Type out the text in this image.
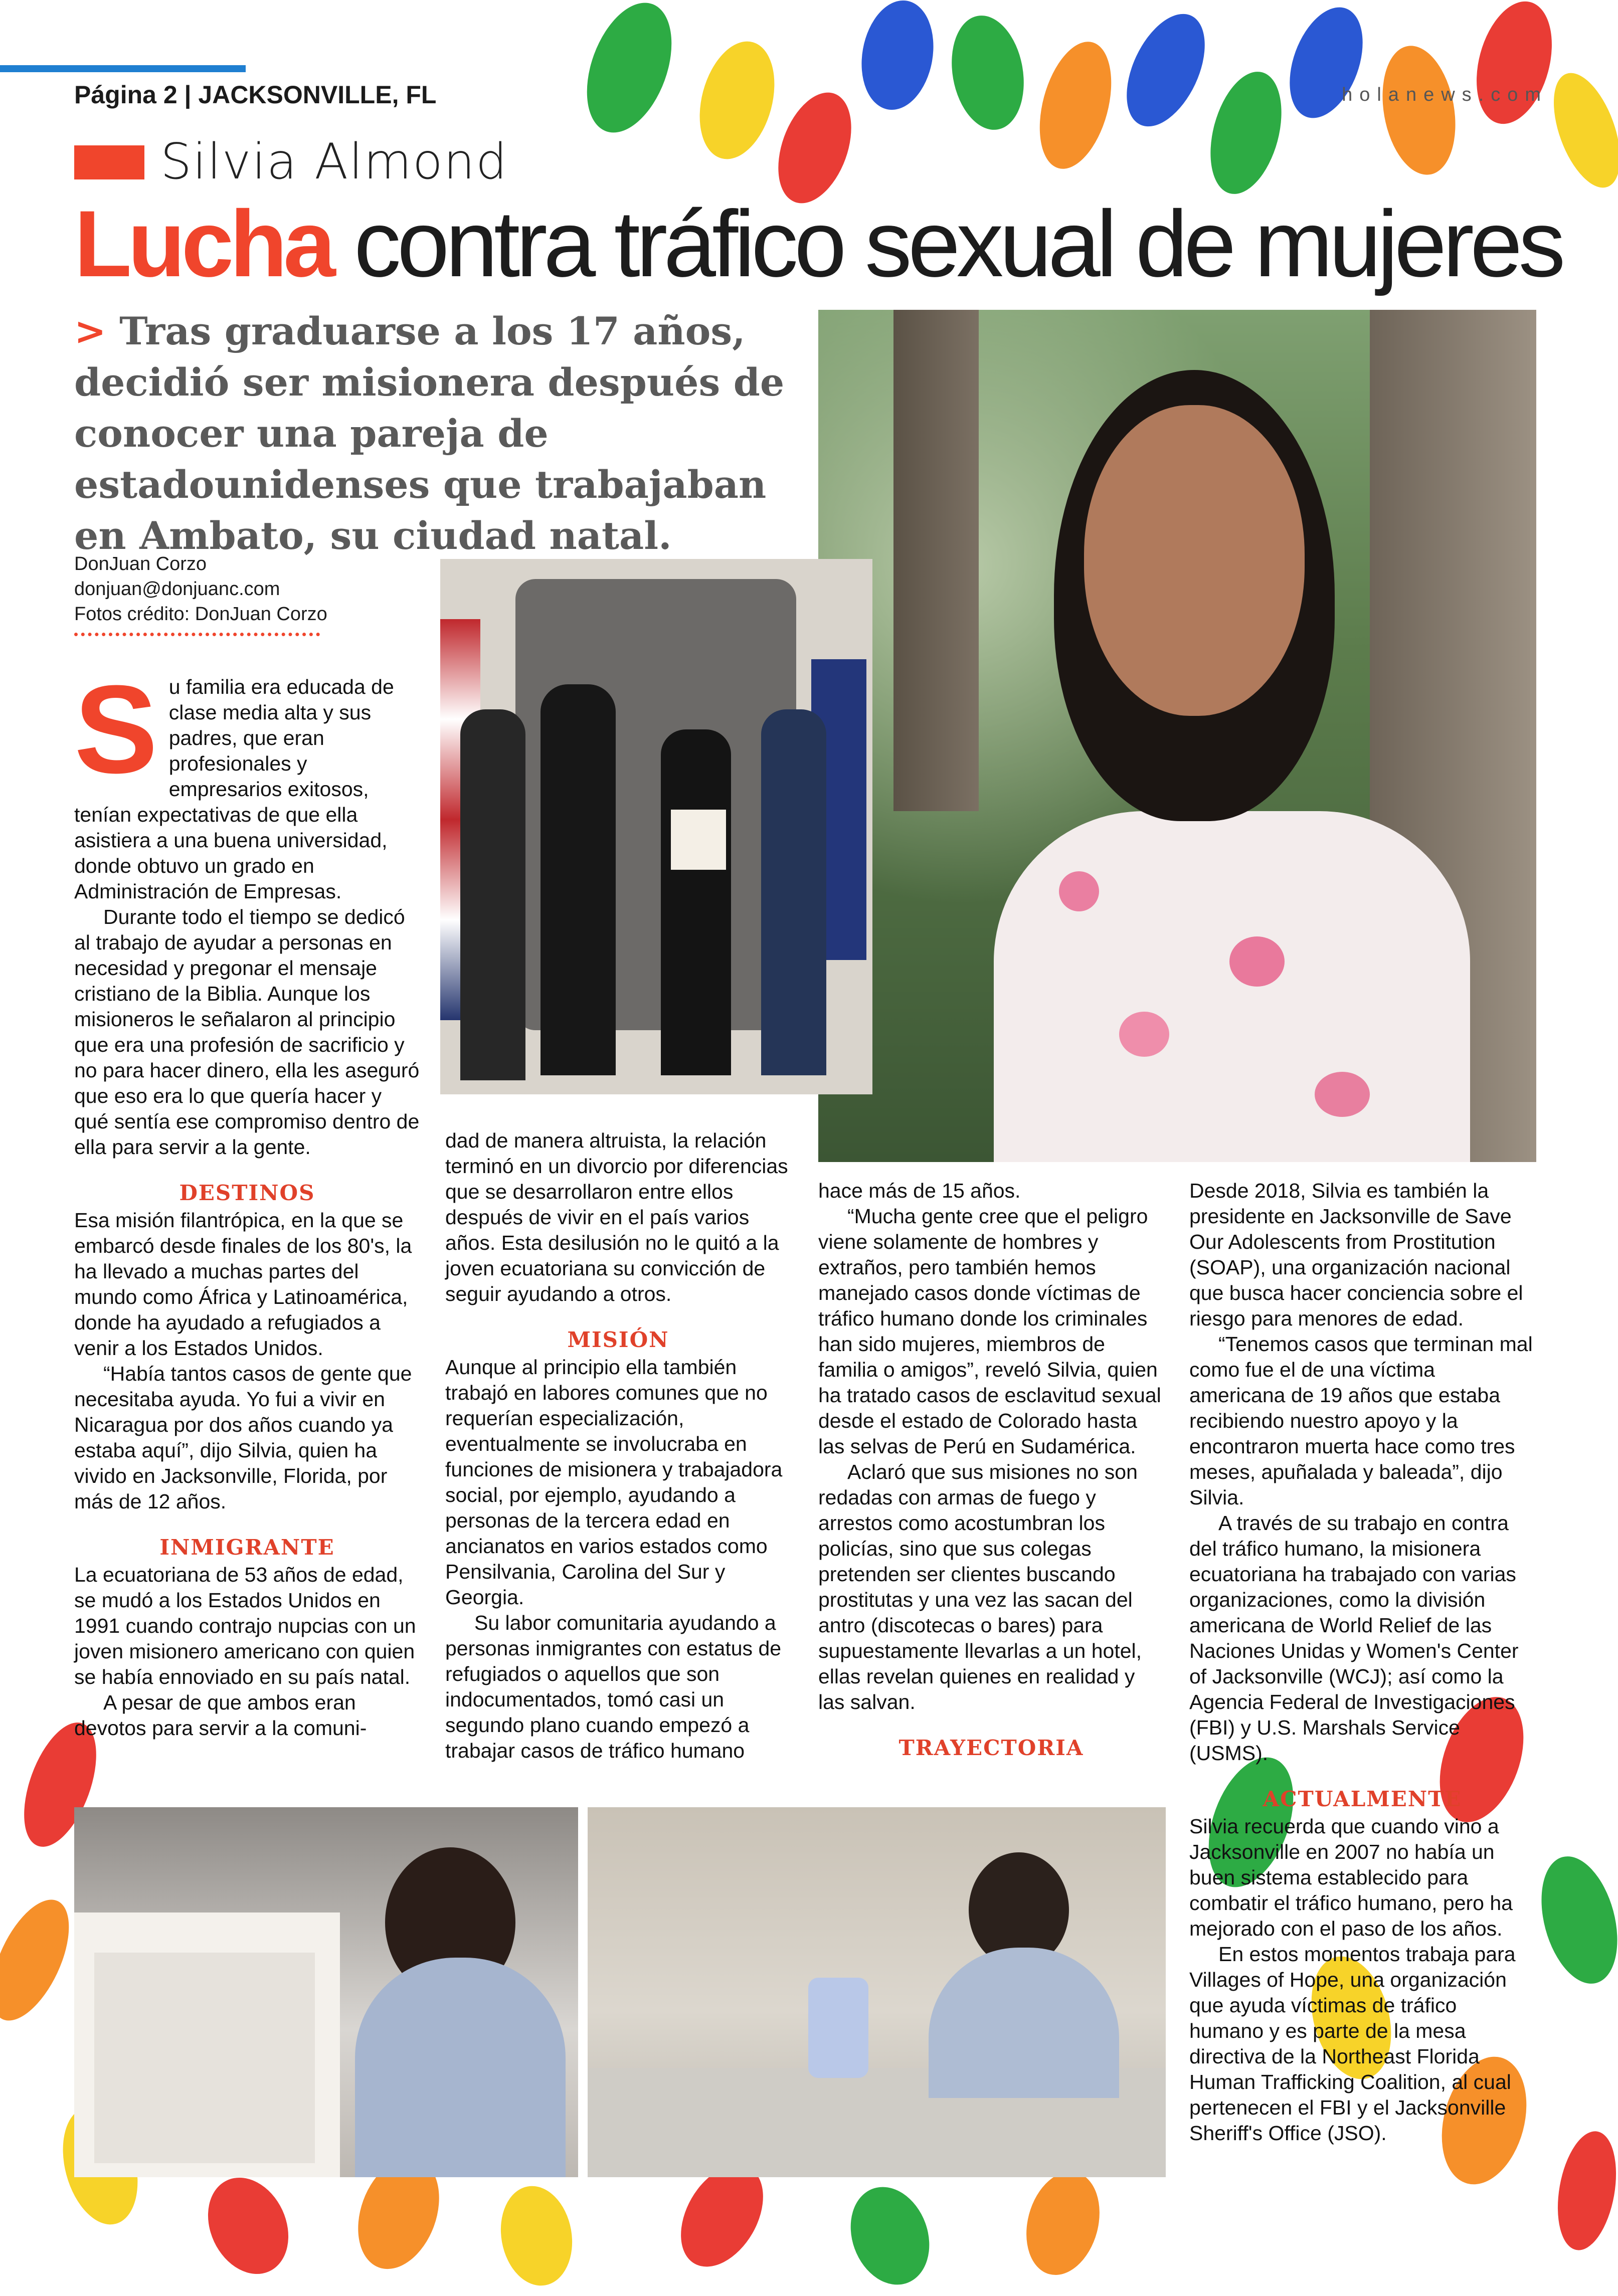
Página 2 | JACKSONVILLE, FL	holanews.com
Silvia Almond
Lucha contra tráfico sexual de mujeres
> Tras graduarse a los 17 años, decidió ser misionera después de conocer una pareja de estadounidenses que trabajaban en Ambato, su ciudad natal.
DonJuan Corzo
donjuan@donjuanc.com
Fotos crédito: DonJuan Corzo
S u familia era educada de clase media alta y sus padres, que eran profesionales y empresarios exitosos, tenían expectativas de que ella asistiera a una buena universidad, donde obtuvo un grado en Administración de Empresas.

Durante todo el tiempo se dedicó al trabajo de ayudar a personas en necesidad y pregonar el mensaje cristiano de la Biblia. Aunque los misioneros le señalaron al principio que era una profesión de sacrificio y no para hacer dinero, ella les aseguró que eso era lo que quería hacer y qué sentía ese compromiso dentro de ella para servir a la gente.

DESTINOS

Esa misión filantrópica, en la que se embarcó desde finales de los 80's, la ha llevado a muchas partes del mundo como África y Latinoamérica, donde ha ayudado a refugiados a venir a los Estados Unidos.

“Había tantos casos de gente que necesitaba ayuda. Yo fui a vivir en Nicaragua por dos años cuando ya estaba aquí”, dijo Silvia, quien ha vivido en Jacksonville, Florida, por más de 12 años.

INMIGRANTE

La ecuatoriana de 53 años de edad, se mudó a los Estados Unidos en 1991 cuando contrajo nupcias con un joven misionero americano con quien se había ennoviado en su país natal.

A pesar de que ambos eran devotos para servir a la comuni-

dad de manera altruista, la relación terminó en un divorcio por diferencias que se desarrollaron entre ellos después de vivir en el país varios años. Esta desilusión no le quitó a la joven ecuatoriana su convicción de seguir ayudando a otros.

MISIÓN

Aunque al principio ella también trabajó en labores comunes que no requerían especialización, eventualmente se involucraba en funciones de misionera y trabajadora social, por ejemplo, ayudando a personas de la tercera edad en ancianatos en varios estados como Pensilvania, Carolina del Sur y Georgia.

Su labor comunitaria ayudando a personas inmigrantes con estatus de refugiados o aquellos que son indocumentados, tomó casi un segundo plano cuando empezó a trabajar casos de tráfico humano

hace más de 15 años.

“Mucha gente cree que el peligro viene solamente de hombres y extraños, pero también hemos manejado casos donde víctimas de tráfico humano donde los criminales han sido mujeres, miembros de familia o amigos”, reveló Silvia, quien ha tratado casos de esclavitud sexual desde el estado de Colorado hasta las selvas de Perú en Sudamérica.

Aclaró que sus misiones no son redadas con armas de fuego y arrestos como acostumbran los policías, sino que sus colegas pretenden ser clientes buscando prostitutas y una vez las sacan del antro (discotecas o bares) para supuestamente llevarlas a un hotel, ellas revelan quienes en realidad y las salvan.

TRAYECTORIA

Desde 2018, Silvia es también la presidente en Jacksonville de Save Our Adolescents from Prostitution (SOAP), una organización nacional que busca hacer conciencia sobre el riesgo para menores de edad.

“Tenemos casos que terminan mal como fue el de una víctima americana de 19 años que estaba recibiendo nuestro apoyo y la encontraron muerta hace como tres meses, apuñalada y baleada”, dijo Silvia.

A través de su trabajo en contra del tráfico humano, la misionera ecuatoriana ha trabajado con varias organizaciones, como la división americana de World Relief de las Naciones Unidas y Women's Center of Jacksonville (WCJ); así como la Agencia Federal de Investigaciones (FBI) y U.S. Marshals Service (USMS).

ACTUALMENTE

Silvia recuerda que cuando vino a Jacksonville en 2007 no había un buen sistema establecido para combatir el tráfico humano, pero ha mejorado con el paso de los años.

En estos momentos trabaja para Villages of Hope, una organización que ayuda víctimas de tráfico humano y es parte de la mesa directiva de la Northeast Florida Human Trafficking Coalition, al cual pertenecen el FBI y el Jacksonville Sheriff's Office (JSO).
